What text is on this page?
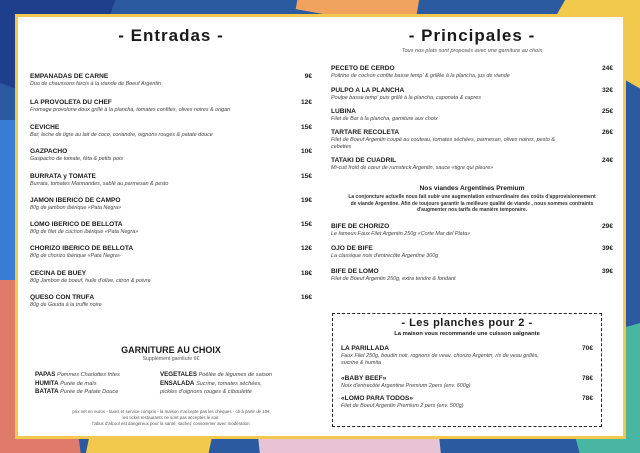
- Entradas -
EMPANADAS DE CARNE
Duo de chaussons farcis à la viande de Boeuf Argentin
9€
LA PROVOLETA DU CHEF
Fromage provolone doux grillé à la plancha, tomates confites, olives noires & origan
12€
CEVICHE
Bar, leche de tigre au lait de coco, coriandre, oignons rouges & patate douce
15€
GAZPACHO
Gaspacho de tomate, féta & petits pois
10€
BURRATA y TOMATE
Burrata, tomates Marmandes, sablé au parmesan & pesto
15€
JAMON IBERICO DE CAMPO
80g de jambon ibérique «Pata Negra»
19€
LOMO IBERICO DE BELLOTA
80g de filet de cochon ibérique «Pata Negra»
15€
CHORIZO IBERICO DE BELLOTA
80g de chorizo ibérique «Pata Negra»
12€
CECINA DE BUEY
80g Jambon de boeuf, huile d'olive, citron & poivre
18€
QUESO CON TRUFA
80g de Gouda à la truffe noire
16€
GARNITURE AU CHOIX
Supplément garniture 6€
PAPAS Pommes Charlottes frites
HUMITA Purée de maïs
BATATA Purée de Patate Douce
VEGETALES Poêlée de légumes de saison
ENSALADA Sucrine, tomates séchées,
pickles d'oignons rouges & ciboulette
prix net en euros - taxes et service compris - la maison n'accepte pas les chèques - cb à partir de 10€
les ticket restaurants ne sont pas acceptés le soir.
l'abus d'alcool est dangereux pour la santé, sachez consommer avec modération
- Principales -
Tous nos plats sont proposés avec une garniture au choix
PECETO DE CERDO
Poitrine de cochon confite basse temp' & grillée à la plancha, jus de viande
24€
PULPO A LA PLANCHA
Poulpe basse temp' puis grillé à la plancha, caponata & capres
32€
LUBINA
Filet de Bar à la plancha, garniture aux choix
25€
TARTARE RECOLETA
Filet de Boeuf Argentin coupé au couteau, tomates séchées, parmesan, olives noires, pesto & cebettes
26€
TATAKI DE CUADRIL
Mi-cuit froid de cœur de rumsteck Argentin, sauce «tigre qui pleure»
24€
Nos viandes Argentines Premium
La conjoncture actuelle nous fait subir une augmentation extraordinaire des coûts d'approvisionnement
de viande Argentine. Afin de toujours garantir la meilleure qualité de viande , nous sommes contraints
d'augmenter nos tarifs de manière temporaire.
BIFE DE CHORIZO
Le fameux Faux Filet Argentin 250g «Corte Mar del Plata»
29€
OJO DE BIFE
La classique noix d'entrecôte Argentine 300g
39€
BIFE DE LOMO
Filet de Boeuf Argentin 250g, extra tendre & fondant
39€
- Les planches pour 2 -
La maison vous recommande une cuisson saignante
LA PARILLADA
Faux Filet 250g, boudin noir, rognons de veau, chorizo Argentin, ris de veau grillés, sucrine & humita
70€
«BABY BEEF»
Noix d'entrecôte Argentine Premium 2pers (env. 600g)
78€
«LOMO PARA TODOS»
Filet de Boeuf Argentin Premium 2 pers (env. 500g)
78€
